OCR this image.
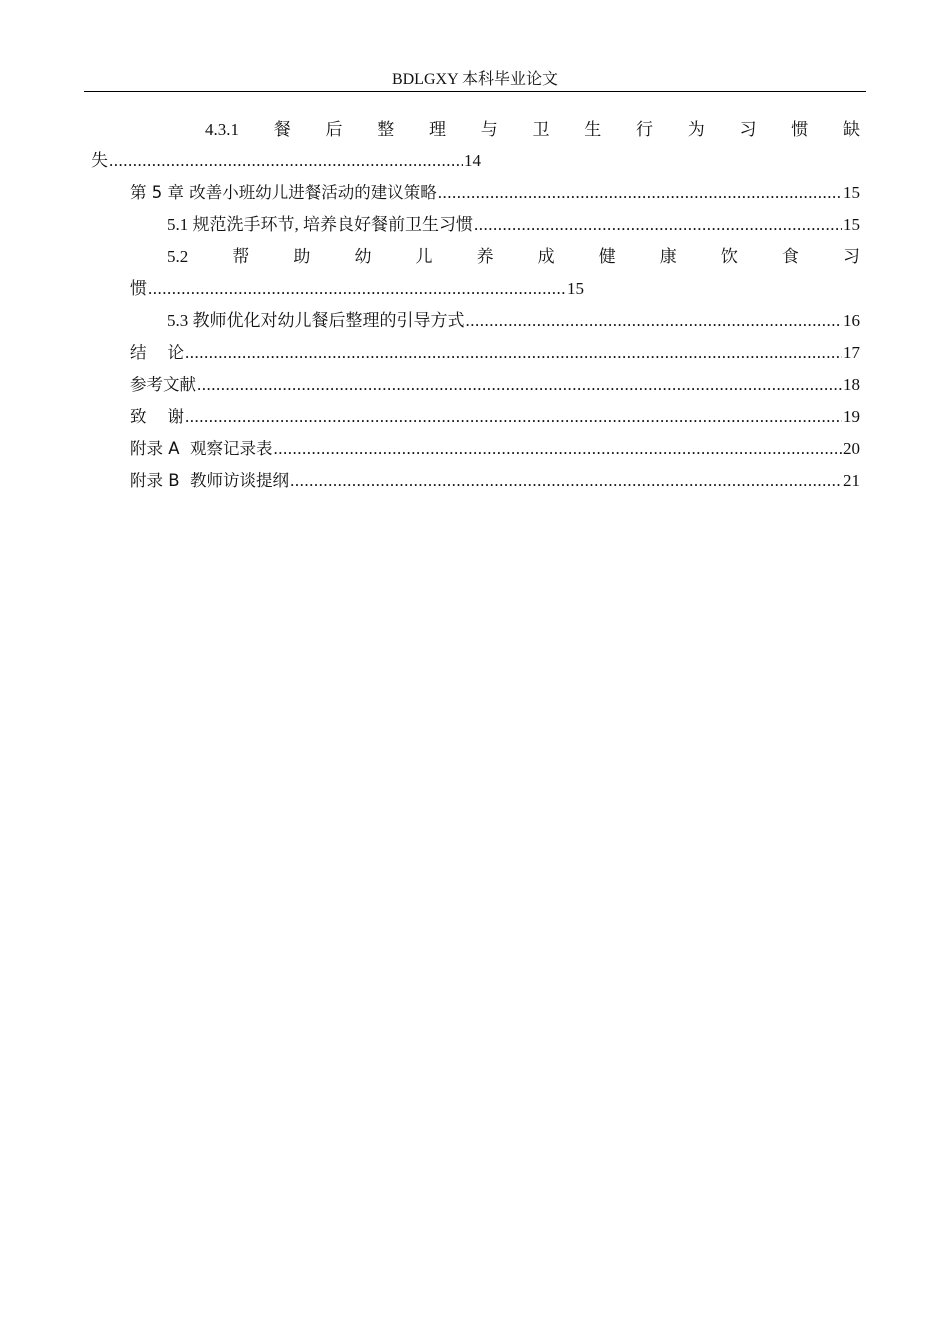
BDLGXY 本科毕业论文
4.3.1 餐 后 整 理 与 卫 生 行 为 习 惯 缺
失 .....	14
第 5 章 改善小班幼儿进餐活动的建议策略 .....	15
5.1 规范洗手环节, 培养良好餐前卫生习惯 .....	15
5.2	帮	助	幼	儿	养	成	健	康	饮	食	习
惯 .....	15
5.3 教师优化对幼儿餐后整理的引导方式 .....	16
结    论 .....	17
参考文献 .....	18
致    谢 .....	19
附录 A  观察记录表 .....	20
附录 B  教师访谈提纲 .....	21
